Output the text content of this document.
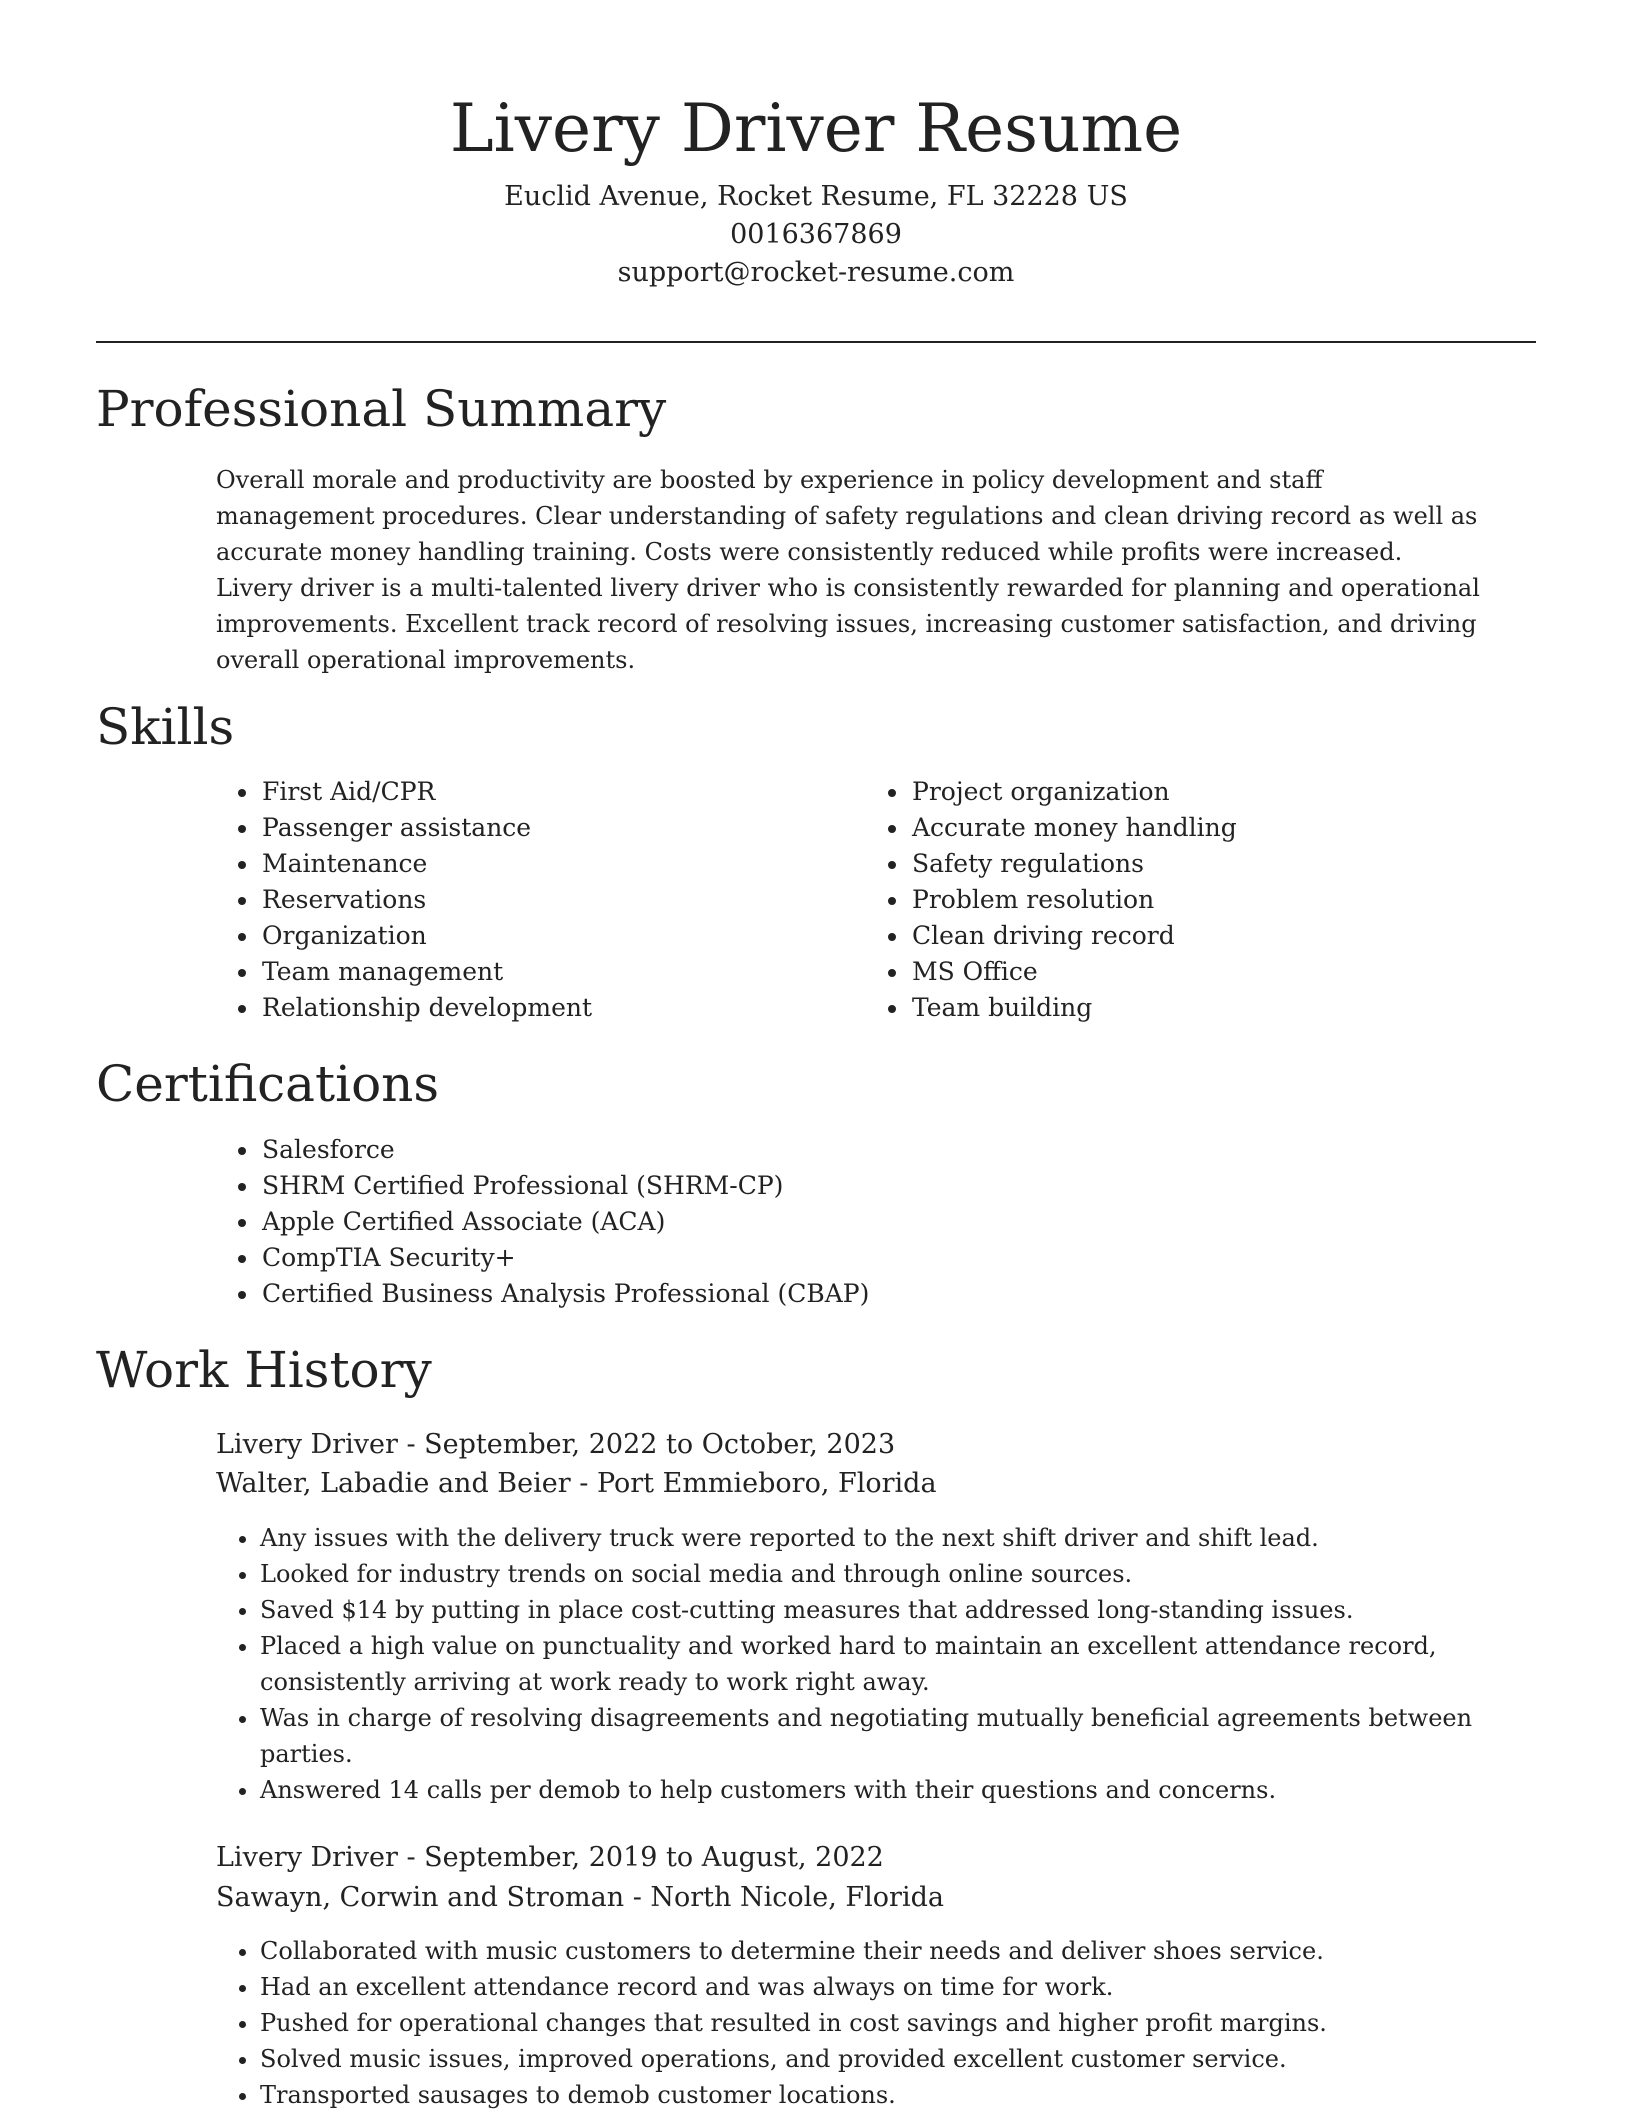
Livery Driver Resume

Euclid Avenue, Rocket Resume, FL 32228 US

0016367869

support@rocket-resume.com

Professional Summary

Overall morale and productivity are boosted by experience in policy development and staff management procedures. Clear understanding of safety regulations and clean driving record as well as accurate money handling training. Costs were consistently reduced while profits were increased. Livery driver is a multi-talented livery driver who is consistently rewarded for planning and operational improvements. Excellent track record of resolving issues, increasing customer satisfaction, and driving overall operational improvements.

Skills
• First Aid/CPR
• Passenger assistance
• Maintenance
• Reservations
• Organization
• Team management
• Relationship development
• Project organization
• Accurate money handling
• Safety regulations
• Problem resolution
• Clean driving record
• MS Office
• Team building
Certifications
• Salesforce
• SHRM Certified Professional (SHRM-CP)
• Apple Certified Associate (ACA)
• CompTIA Security+
• Certified Business Analysis Professional (CBAP)
Work History

Livery Driver - September, 2022 to October, 2023

Walter, Labadie and Beier - Port Emmieboro, Florida

• Any issues with the delivery truck were reported to the next shift driver and shift lead.
• Looked for industry trends on social media and through online sources.
• Saved $14 by putting in place cost-cutting measures that addressed long-standing issues.
• Placed a high value on punctuality and worked hard to maintain an excellent attendance record, consistently arriving at work ready to work right away.
• Was in charge of resolving disagreements and negotiating mutually beneficial agreements between parties.
• Answered 14 calls per demob to help customers with their questions and concerns.

Livery Driver - September, 2019 to August, 2022

Sawayn, Corwin and Stroman - North Nicole, Florida

• Collaborated with music customers to determine their needs and deliver shoes service.
• Had an excellent attendance record and was always on time for work.
• Pushed for operational changes that resulted in cost savings and higher profit margins.
• Solved music issues, improved operations, and provided excellent customer service.
• Transported sausages to demob customer locations.
